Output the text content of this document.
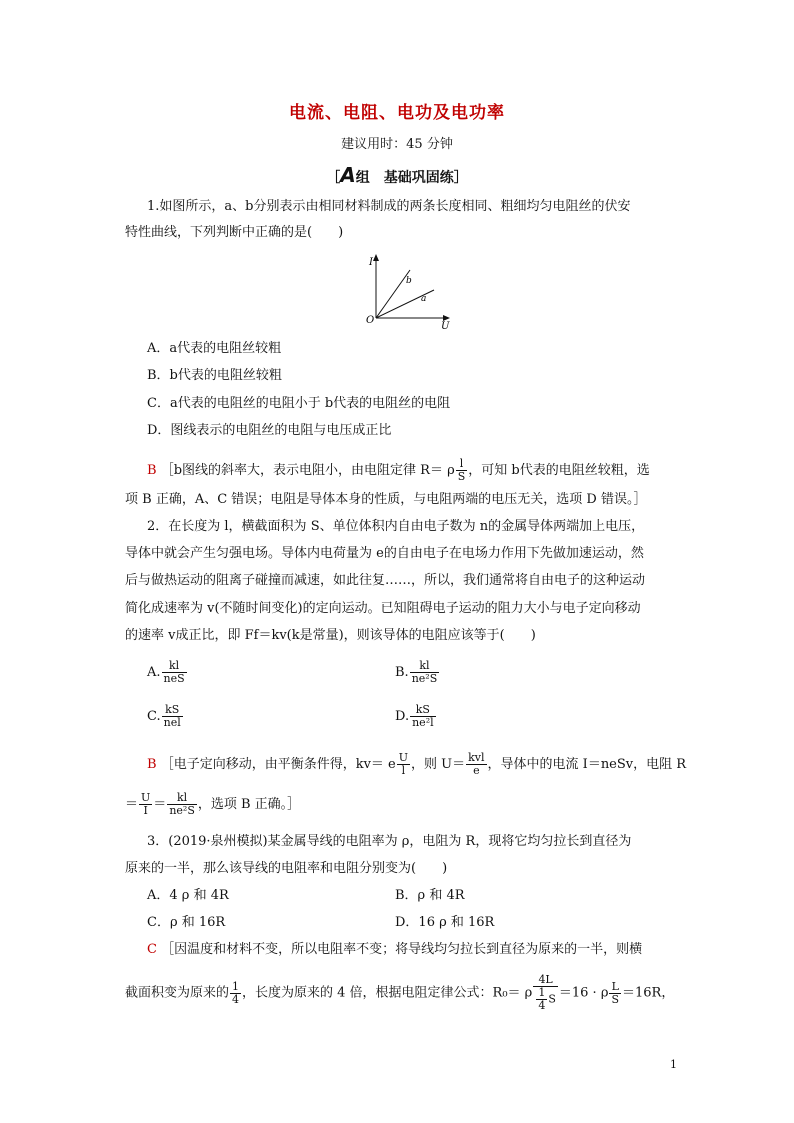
电流、电阻、电功及电功率
建议用时：45 分钟
［A组　基础巩固练］
1.如图所示，a、b分别表示由相同材料制成的两条长度相同、粗细均匀电阻丝的伏安
特性曲线，下列判断中正确的是(　　)
I
U
O
b
a
A．a代表的电阻丝较粗
B．b代表的电阻丝较粗
C．a代表的电阻丝的电阻小于 b代表的电阻丝的电阻
D．图线表示的电阻丝的电阻与电压成正比
B ［b图线的斜率大，表示电阻小，由电阻定律 R＝ ρ $\frac{l}{S}$ ，可知 b代表的电阻丝较粗，选
项 B 正确，A、C 错误；电阻是导体本身的性质，与电阻两端的电压无关，选项 D 错误。］
2．在长度为 l，横截面积为 S、单位体积内自由电子数为 n的金属导体两端加上电压，
导体中就会产生匀强电场。导体内电荷量为 e的自由电子在电场力作用下先做加速运动，然
后与做热运动的阻离子碰撞而减速，如此往复……，所以，我们通常将自由电子的这种运动
简化成速率为 v(不随时间变化)的定向运动。已知阻碍电子运动的阻力大小与电子定向移动
的速率 v成正比，即 Ff＝kv(k是常量)，则该导体的电阻应该等于(　　)
A. $\frac{kl}{\text{neS}}$	B. $\frac{kl}{\text{ne²S}}$
C. $\frac{kS}{\text{nel}}$	D. $\frac{kS}{\text{ne²l}}$
B ［电子定向移动，由平衡条件得，kv＝ e $\frac{U}{l}$ ，则 $U= \frac{\text{kvl}}{e}$ ，导体中的电流 I＝neSv，电阻 R
＝ $\frac{U}{I} = \frac{kl}{\text{ne²S}}$ ，选项 B 正确。］
3．(2019·泉州模拟)某金属导线的电阻率为 ρ，电阻为 R，现将它均匀拉长到直径为
原来的一半，那么该导线的电阻率和电阻分别变为(　　)
A．4 ρ 和 4R	B．ρ 和 4R
C．ρ 和 16R	D．16 ρ 和 16R
C ［因温度和材料不变，所以电阻率不变；将导线均匀拉长到直径为原来的一半，则横
截面积变为原来的 $\frac{1}{4}$ ，长度为原来的 4 倍，根据电阻定律公式：R₀＝ ρ $\frac{4L}{\frac{1}{4} S} =16 \cdot \rho \frac{L}{S} =16R$，
1
